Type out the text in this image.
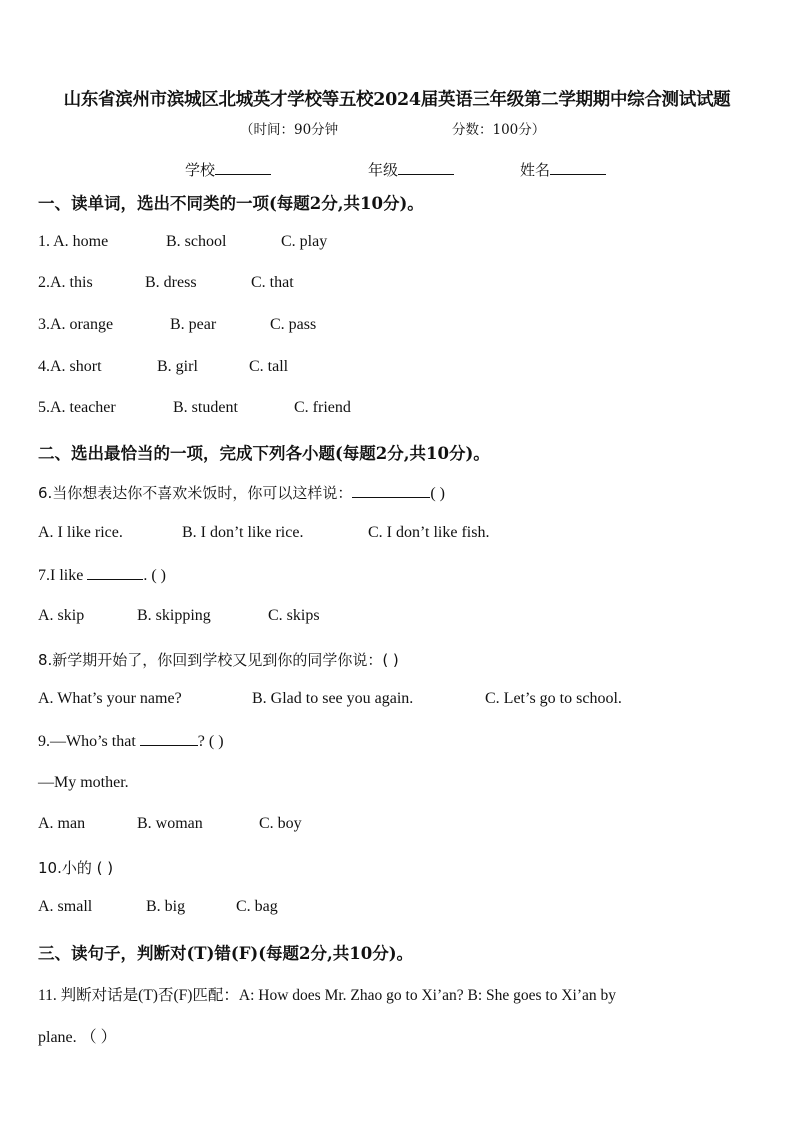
山东省滨州市滨城区北城英才学校等五校2024届英语三年级第二学期期中综合测试试题
（时间：90分钟	分数：100分）
学校	年级	姓名
一、读单词，选出不同类的一项(每题2分,共10分)。
1. A. home	B. school	C. play
2.A. this	B. dress	C. that
3.A. orange	B. pear	C. pass
4.A. short	B. girl	C. tall
5.A. teacher	B. student	C. friend
二、选出最恰当的一项，完成下列各小题(每题2分,共10分)。
6.当你想表达你不喜欢米饭时，你可以这样说：	( )
A. I like rice.	B. I don’t like rice.	C. I don’t like fish.
7.I like	. ( )
A. skip	B. skipping	C. skips
8.新学期开始了，你回到学校又见到你的同学你说：( )
A. What’s your name?	B. Glad to see you again.	C. Let’s go to school.
9.—Who’s that	? ( )
—My mother.
A. man	B. woman	C. boy
10.小的 ( )
A. small	B. big	C. bag
三、读句子，判断对(T)错(F)(每题2分,共10分)。
11. 判断对话是(T)否(F)匹配：A: How does Mr. Zhao go to Xi’an? B: She goes to Xi’an by
plane. （ ）
